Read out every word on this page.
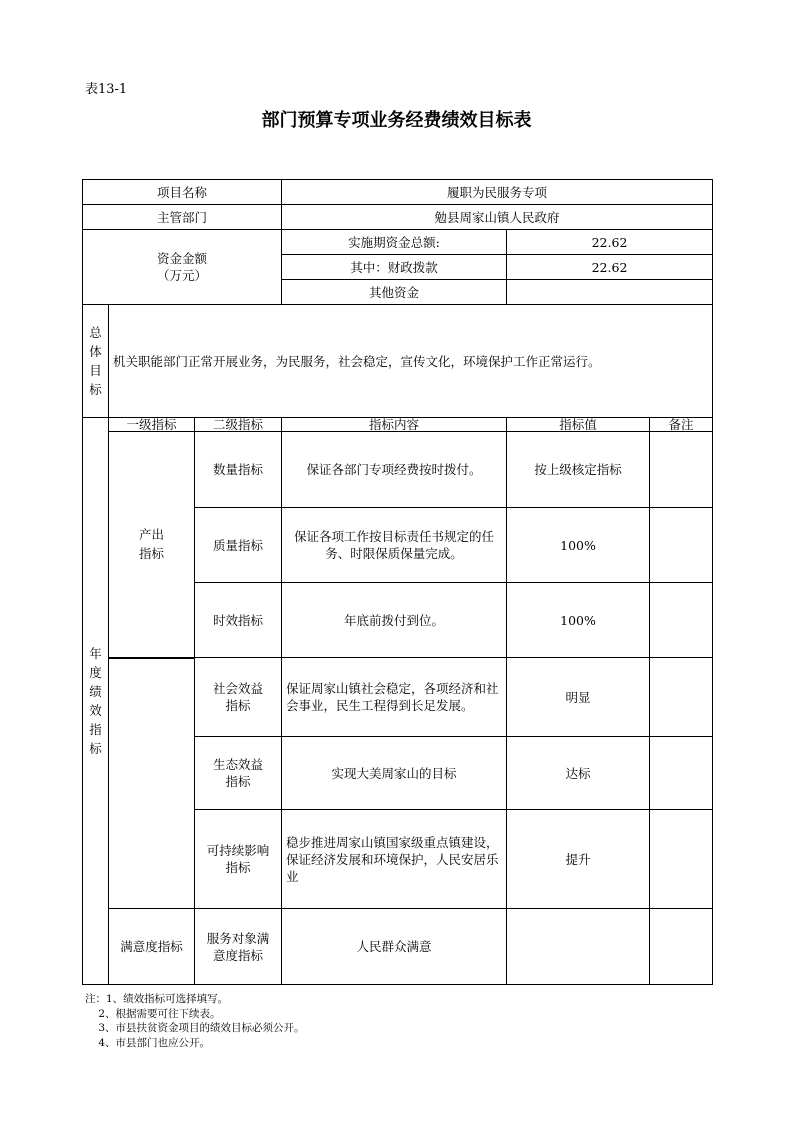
表13-1
部门预算专项业务经费绩效目标表
项目名称			履职为民服务专项		
主管部门			勉县周家山镇人民政府		

资金金额
（万元）			实施期资金总额:	22.62	
			其中：财政拨款	22.62	
			其他资金		
总体目标	机关职能部门正常开展业务，为民服务，社会稳定，宣传文化，环境保护工作正常运行。				
年度绩效指标	一级指标	二级指标	指标内容	指标值	备注
	产出指标	数量指标	保证各部门专项经费按时拨付。	按上级核定指标	
		质量指标	保证各项工作按目标责任书规定的任务、时限保质保量完成。	100%	
		时效指标	年底前拨付到位。	100%	
		社会效益指标	保证周家山镇社会稳定，各项经济和社会事业，民生工程得到长足发展。	明显	
		生态效益指标	实现大美周家山的目标	达标	
		可持续影响指标	稳步推进周家山镇国家级重点镇建设，保证经济发展和环境保护，人民安居乐业	提升	
	满意度指标	服务对象满意度指标	人民群众满意		
注：1、绩效指标可选择填写。
2、根据需要可往下续表。
3、市县扶贫资金项目的绩效目标必须公开。
4、市县部门也应公开。
